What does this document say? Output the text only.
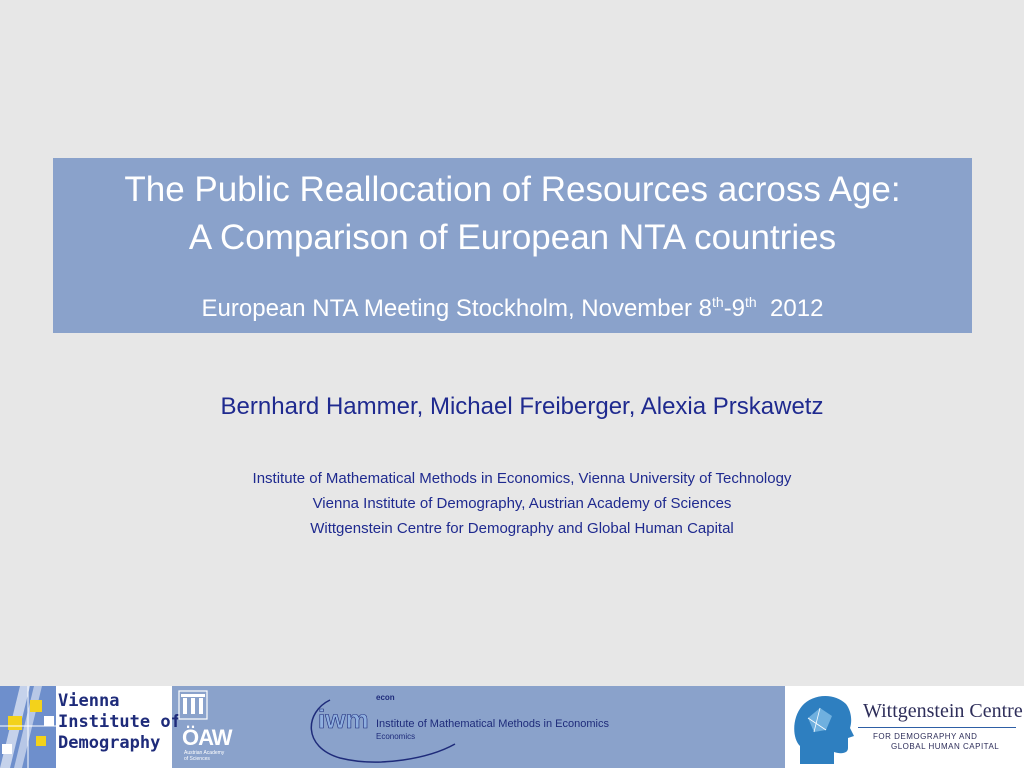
The Public Reallocation of Resources across Age:
A Comparison of European NTA countries
European NTA Meeting Stockholm, November 8th-9th  2012
Bernhard Hammer, Michael Freiberger, Alexia Prskawetz
Institute of Mathematical Methods in Economics, Vienna University of Technology
Vienna Institute of Demography, Austrian Academy of Sciences
Wittgenstein Centre for Demography and Global Human Capital
Vienna
Institute of
Demography ÖAW
Austrian Academy
of Sciences
iwm
econ
Institute of Mathematical Methods in Economics
Economics
Wittgenstein Centre
FOR DEMOGRAPHY AND
GLOBAL HUMAN CAPITAL
